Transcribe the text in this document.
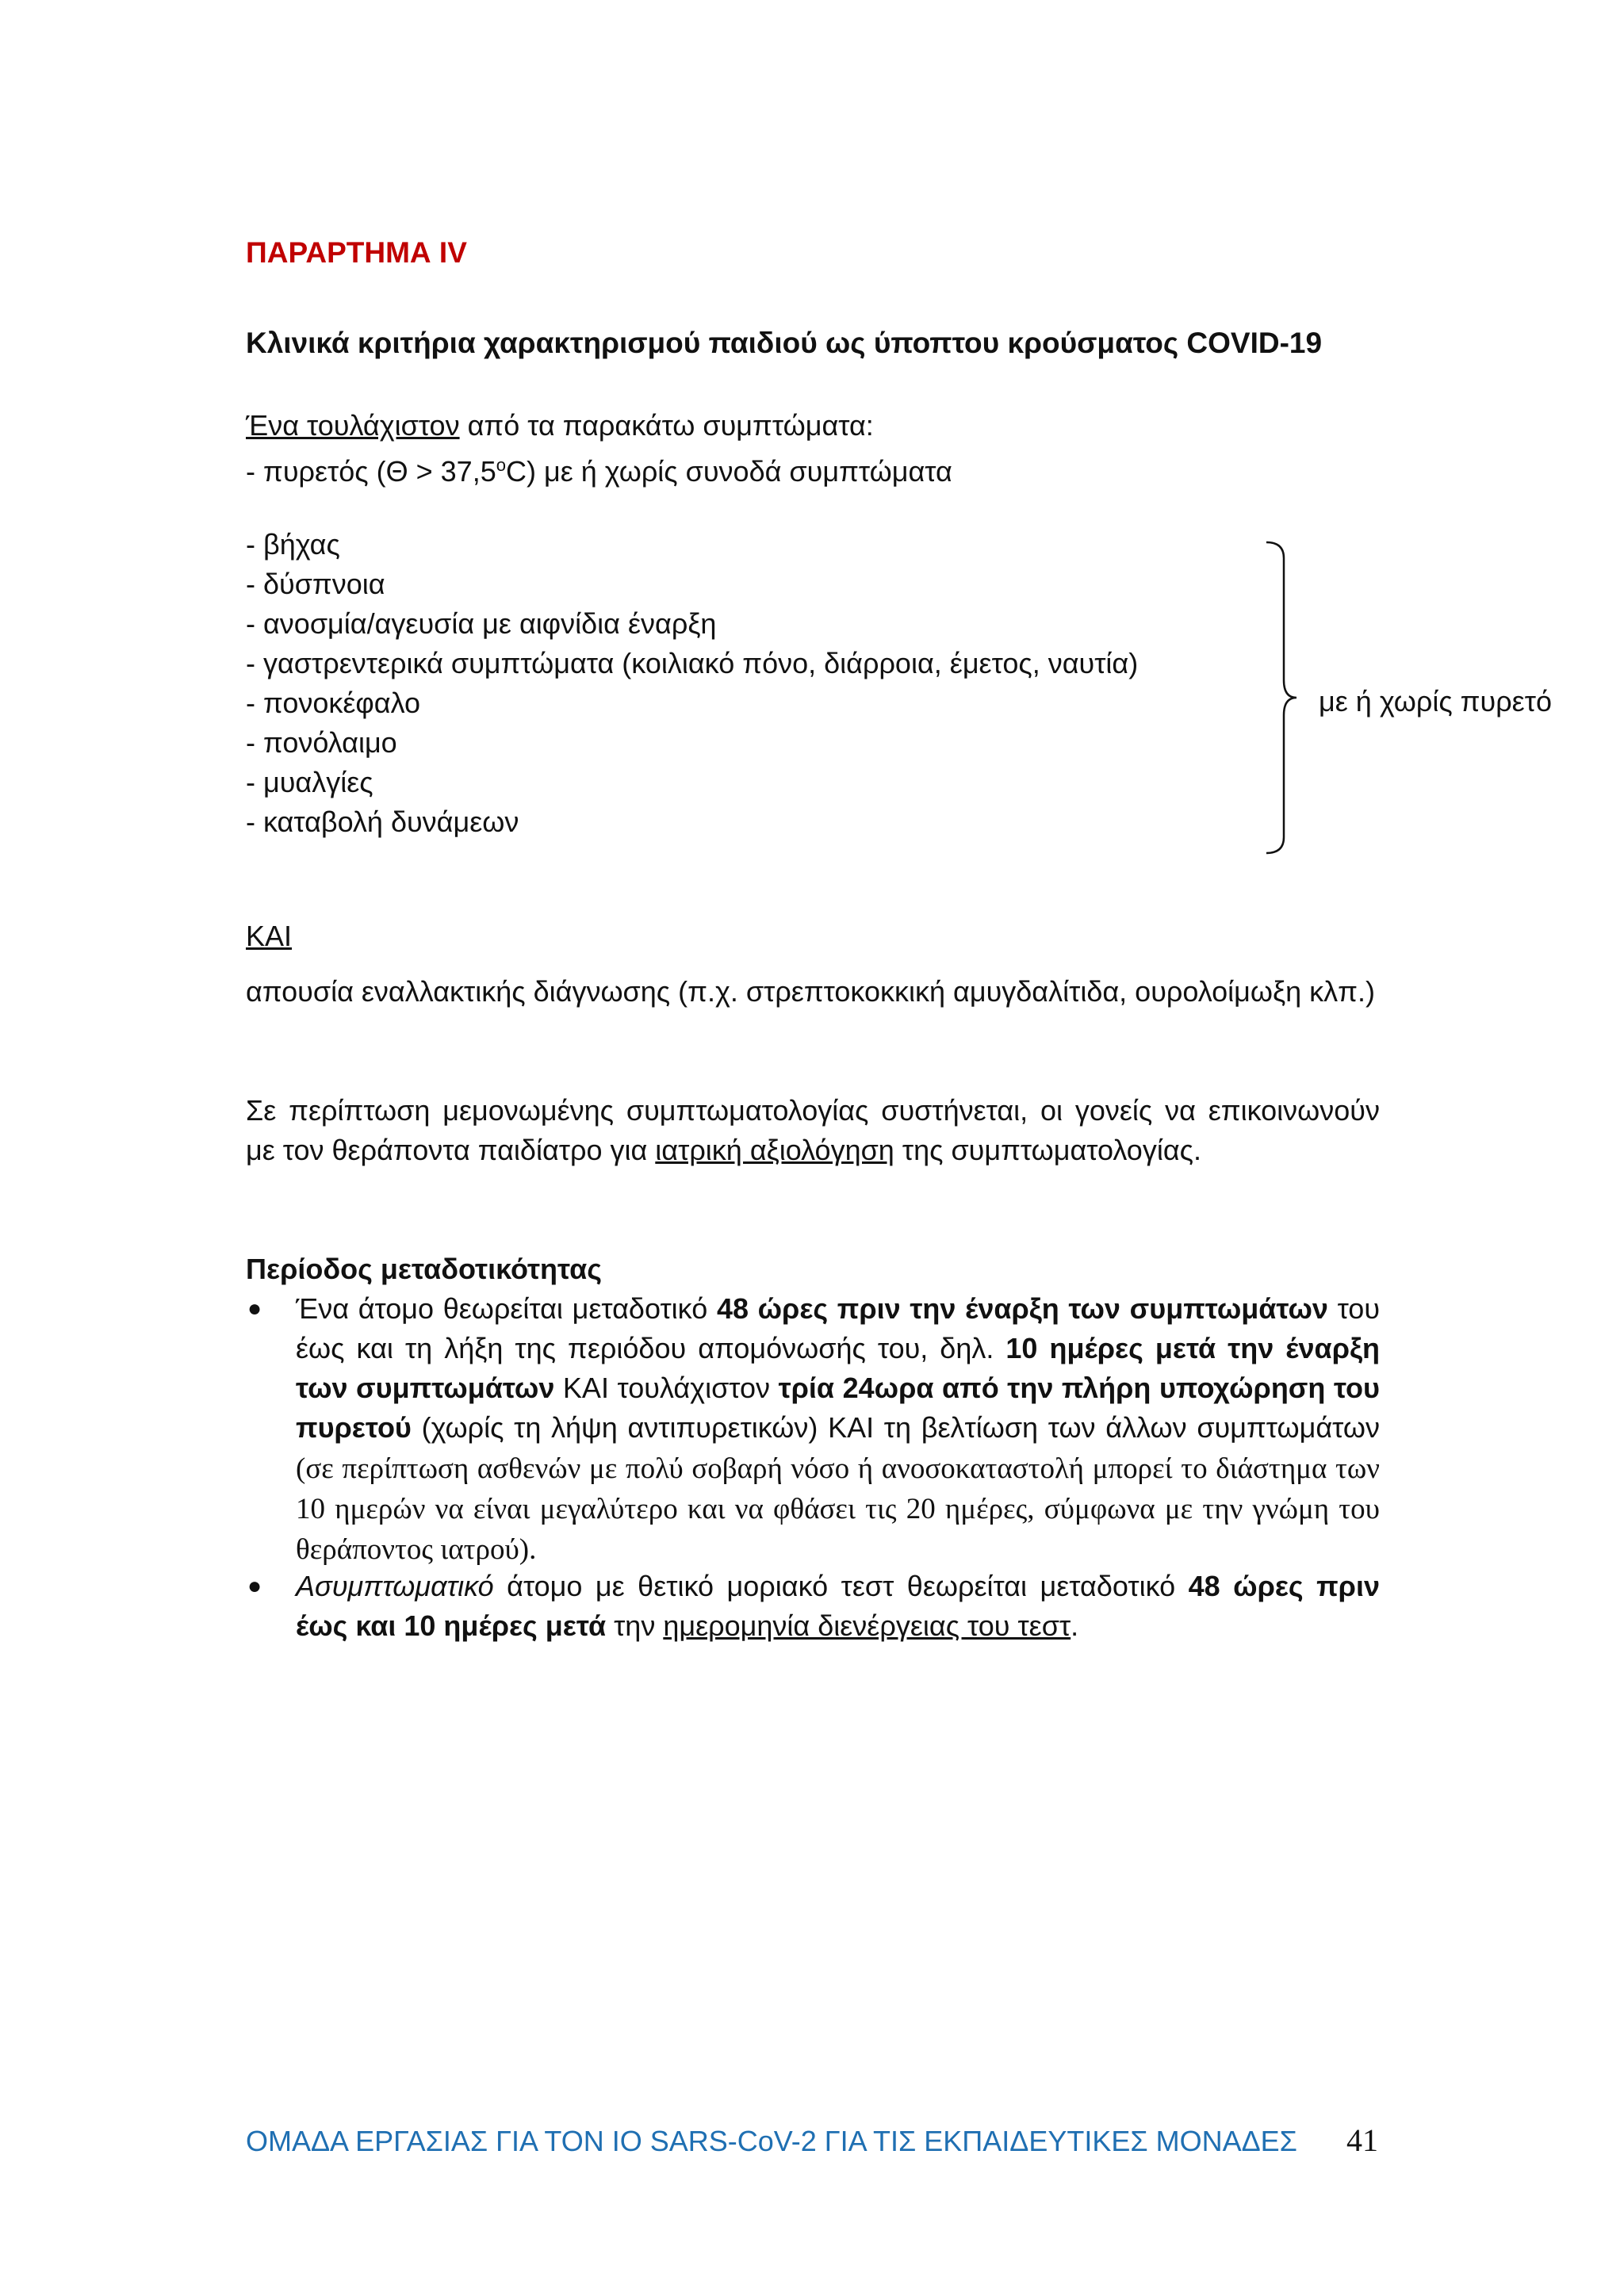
ΠΑΡΑΡΤΗΜΑ IV
Κλινικά κριτήρια χαρακτηρισμού παιδιού ως ύποπτου κρούσματος COVID-19
Ένα τουλάχιστον από τα παρακάτω συμπτώματα:
- πυρετός $(\Theta > 37,5^oC)$ με ή χωρίς συνοδά συμπτώματα
- βήχας
- δύσπνοια
- ανοσμία/αγευσία με αιφνίδια έναρξη
- γαστρεντερικά συμπτώματα (κοιλιακό πόνο, διάρροια, έμετος, ναυτία)
- πονοκέφαλο
- πονόλαιμο
- μυαλγίες
- καταβολή δυνάμεων
με ή χωρίς πυρετό
ΚΑΙ
απουσία εναλλακτικής διάγνωσης (π.χ. στρεπτοκοκκική αμυγδαλίτιδα, ουρολοίμωξη κλπ.)
Σε περίπτωση μεμονωμένης συμπτωματολογίας συστήνεται, οι γονείς να επικοινωνούν με τον θεράποντα παιδίατρο για ιατρική αξιολόγηση της συμπτωματολογίας.
Περίοδος μεταδοτικότητας
● Ένα άτομο θεωρείται μεταδοτικό 48 ώρες πριν την έναρξη των συμπτωμάτων του έως και τη λήξη της περιόδου απομόνωσής του, δηλ. 10 ημέρες μετά την έναρξη των συμπτωμάτων ΚΑΙ τουλάχιστον τρία 24ωρα από την πλήρη υποχώρηση του πυρετού (χωρίς τη λήψη αντιπυρετικών) ΚΑΙ τη βελτίωση των άλλων συμπτωμάτων (σε περίπτωση ασθενών με πολύ σοβαρή νόσο ή ανοσοκαταστολή μπορεί το διάστημα των 10 ημερών να είναι μεγαλύτερο και να φθάσει τις 20 ημέρες, σύμφωνα με την γνώμη του θεράποντος ιατρού).
● Ασυμπτωματικό άτομο με θετικό μοριακό τεστ θεωρείται μεταδοτικό 48 ώρες πριν έως και 10 ημέρες μετά την ημερομηνία διενέργειας του τεστ.
ΟΜΑΔΑ ΕΡΓΑΣΙΑΣ ΓΙΑ ΤΟΝ ΙΟ SARS-CoV-2 ΓΙΑ ΤΙΣ ΕΚΠΑΙΔΕΥΤΙΚΕΣ ΜΟΝΑΔΕΣ 41
